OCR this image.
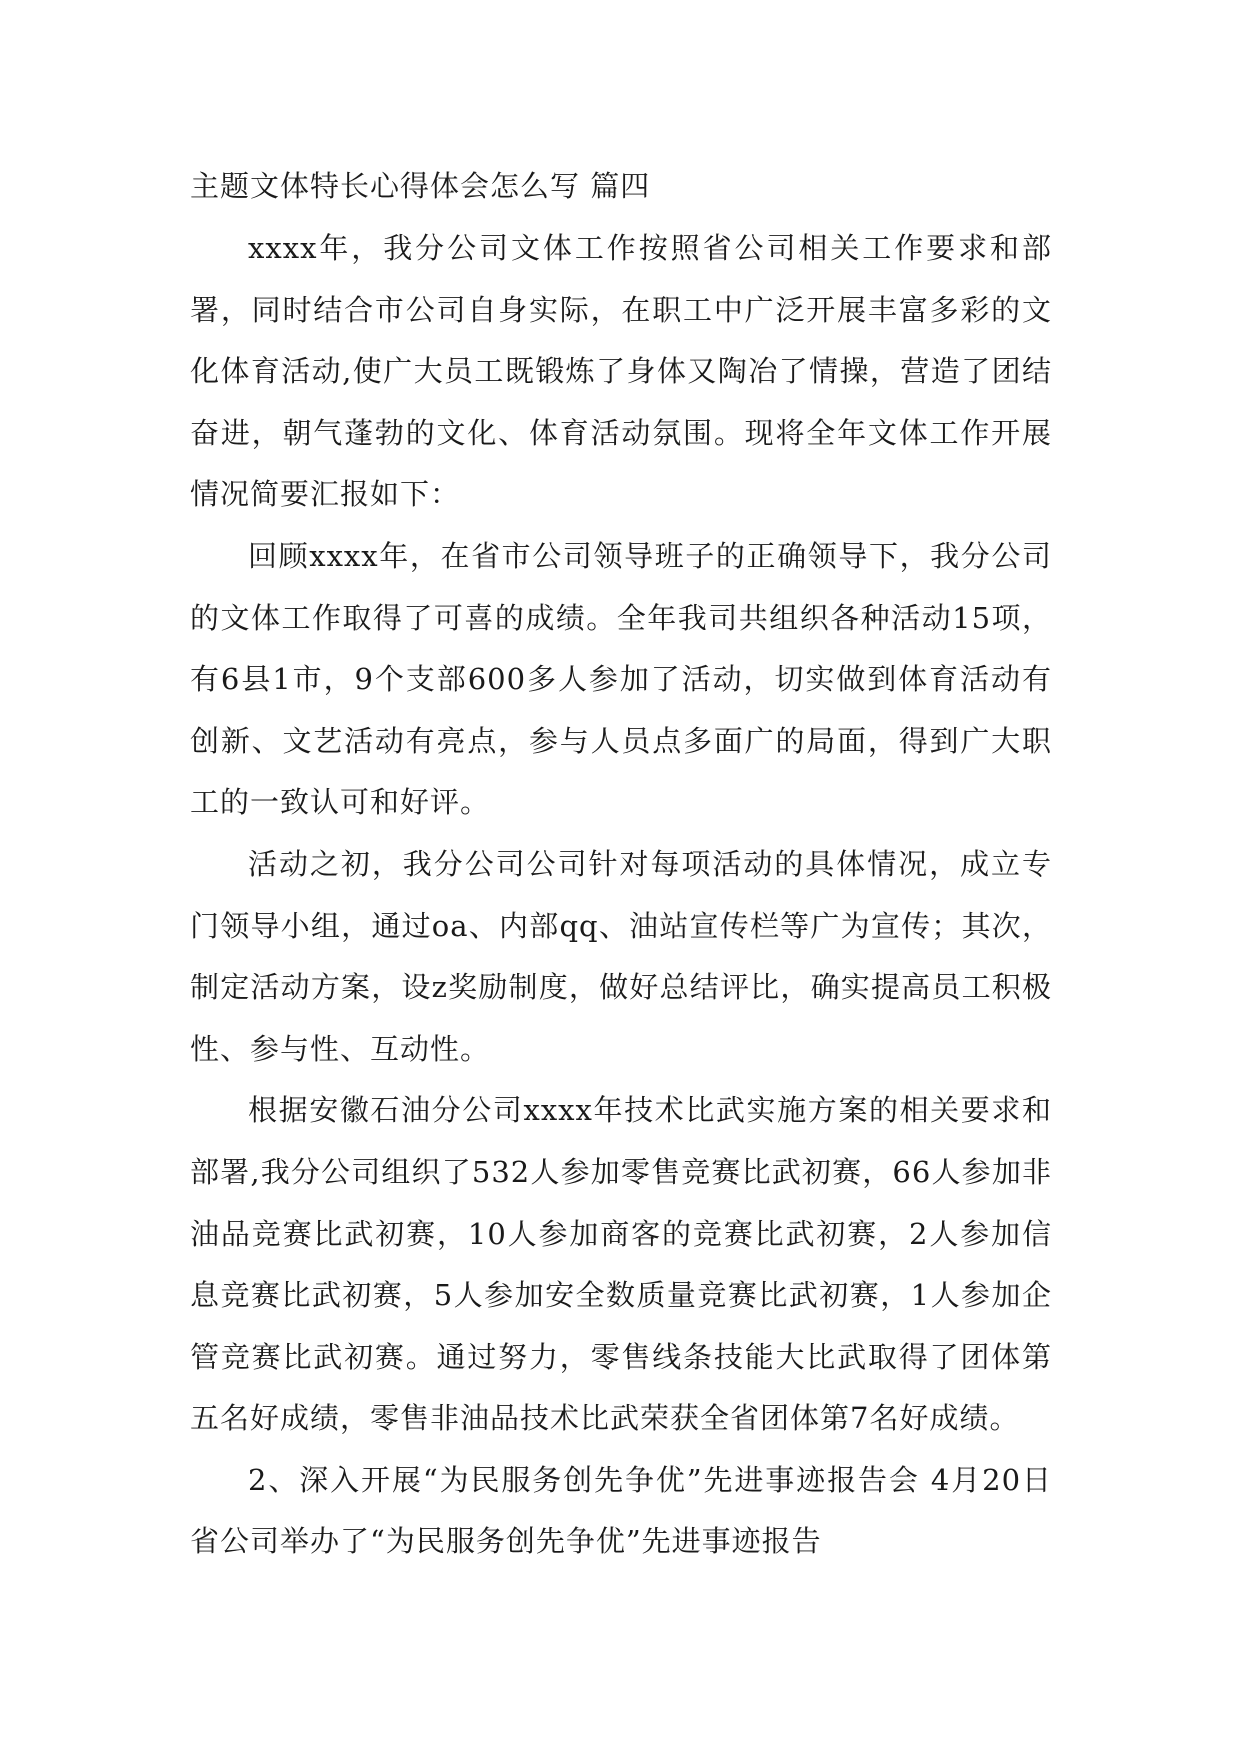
主题文体特长心得体会怎么写 篇四

xxxx年，我分公司文体工作按照省公司相关工作要求和部署，同时结合市公司自身实际，在职工中广泛开展丰富多彩的文化体育活动,使广大员工既锻炼了身体又陶冶了情操，营造了团结奋进，朝气蓬勃的文化、体育活动氛围。现将全年文体工作开展情况简要汇报如下：

回顾xxxx年，在省市公司领导班子的正确领导下，我分公司的文体工作取得了可喜的成绩。全年我司共组织各种活动15项，有6县1市，9个支部600多人参加了活动，切实做到体育活动有创新、文艺活动有亮点，参与人员点多面广的局面，得到广大职工的一致认可和好评。

活动之初，我分公司公司针对每项活动的具体情况，成立专门领导小组，通过oa、内部qq、油站宣传栏等广为宣传；其次，制定活动方案，设z奖励制度，做好总结评比，确实提高员工积极性、参与性、互动性。

根据安徽石油分公司xxxx年技术比武实施方案的相关要求和部署,我分公司组织了532人参加零售竞赛比武初赛，66人参加非油品竞赛比武初赛，10人参加商客的竞赛比武初赛，2人参加信息竞赛比武初赛，5人参加安全数质量竞赛比武初赛，1人参加企管竞赛比武初赛。通过努力，零售线条技能大比武取得了团体第五名好成绩，零售非油品技术比武荣获全省团体第7名好成绩。

2、深入开展“为民服务创先争优”先进事迹报告会 4月20日省公司举办了“为民服务创先争优”先进事迹报告
